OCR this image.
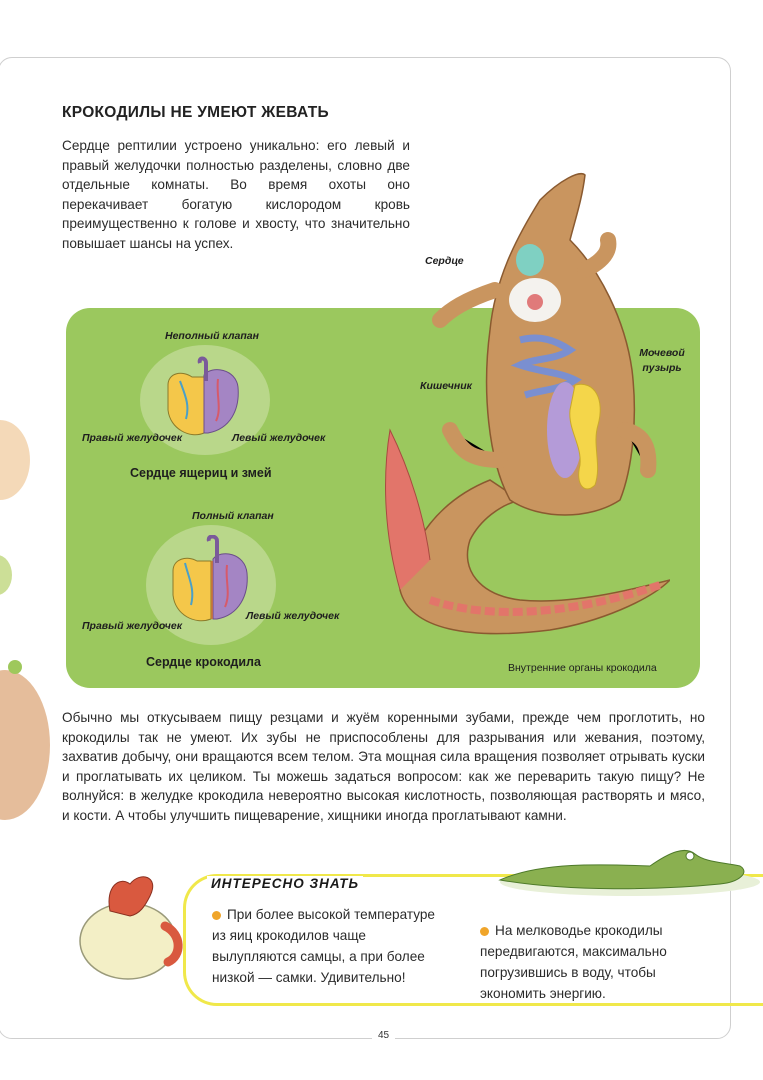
КРОКОДИЛЫ НЕ УМЕЮТ ЖЕВАТЬ

Сердце рептилии устроено уникально: его левый и правый желудочки полностью разделены, словно две отдельные комнаты. Во время охоты оно перекачивает богатую кислородом кровь преимущественно к голове и хвосту, что значительно повышает шансы на успех.

Неполный клапан
Правый желудочек	Левый желудочек
Сердце ящериц и змей
Полный клапан
Правый желудочек
Левый желудочек
Сердце крокодила
Сердце
Кишечник
Мочевой пузырь
Внутренние органы крокодила

Обычно мы откусываем пищу резцами и жуём коренными зубами, прежде чем проглотить, но крокодилы так не умеют. Их зубы не приспособлены для разрывания или жевания, поэтому, захватив добычу, они вращаются всем телом. Эта мощная сила вращения позволяет отрывать куски и проглатывать их целиком. Ты можешь задаться вопросом: как же переварить такую пищу? Не волнуйся: в желудке крокодила невероятно высокая кислотность, позволяющая растворять и мясо, и кости. А чтобы улучшить пищеварение, хищники иногда проглатывают камни.

ИНТЕРЕСНО ЗНАТЬ

При более высокой температуре из яиц крокодилов чаще вылупляются самцы, а при более низкой — самки. Удивительно!

На мелководье крокодилы передвигаются, максимально погрузившись в воду, чтобы экономить энергию.

45
